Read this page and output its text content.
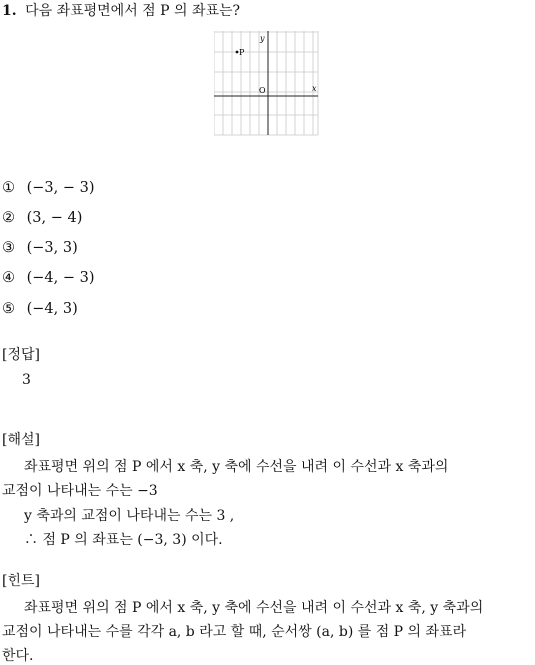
1. 다음 좌표평면에서 점 P 의 좌표는?
y
x
O
P
① (−3, − 3)
② (3, − 4)
③ (−3, 3)
④ (−4, − 3)
⑤ (−4, 3)
[정답]
3
[해설]
좌표평면 위의 점 P 에서 x 축, y 축에 수선을 내려 이 수선과 x 축과의
교점이 나타내는 수는 −3
y 축과의 교점이 나타내는 수는 3 ,
∴ 점 P 의 좌표는 (−3, 3) 이다.
[힌트]
좌표평면 위의 점 P 에서 x 축, y 축에 수선을 내려 이 수선과 x 축, y 축과의
교점이 나타내는 수를 각각 a, b 라고 할 때, 순서쌍 (a, b) 를 점 P 의 좌표라
한다.
